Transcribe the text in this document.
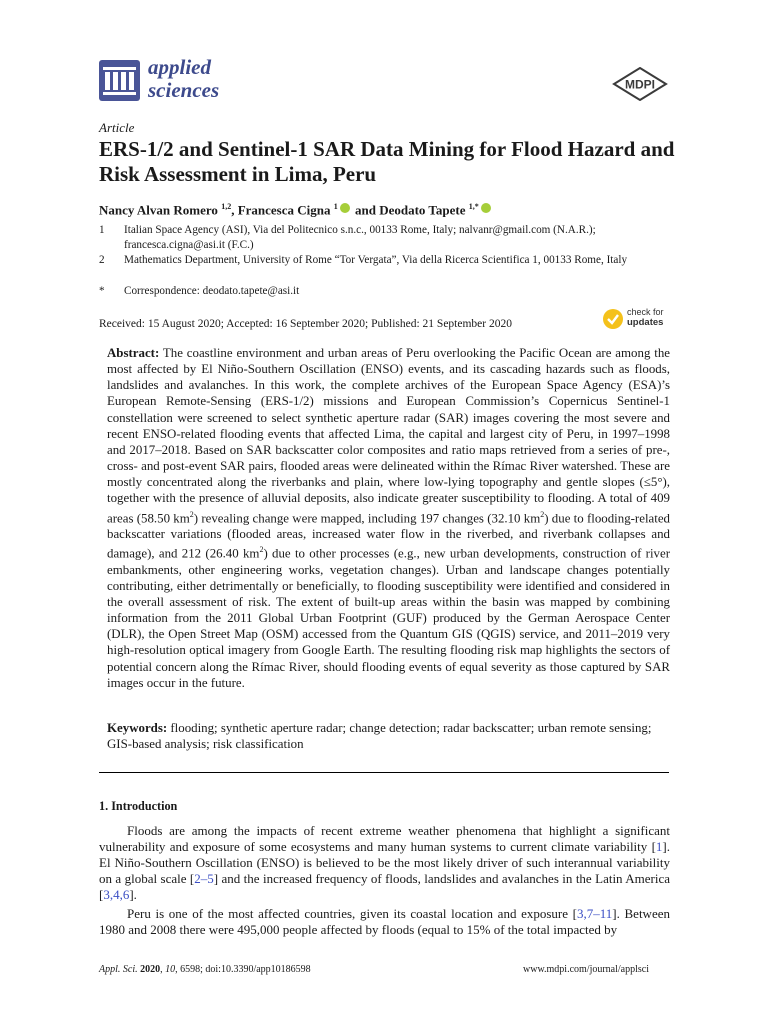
applied
sciences	MDPI
Article
ERS-1/2 and Sentinel-1 SAR Data Mining for Flood Hazard and Risk Assessment in Lima, Peru
Nancy Alvan Romero $^{1,2}$, Francesca Cigna $^1$ and Deodato Tapete $^{1,*}$
1	Italian Space Agency (ASI), Via del Politecnico s.n.c., 00133 Rome, Italy; nalvanr@gmail.com (N.A.R.); francesca.cigna@asi.it (F.C.)
2	Mathematics Department, University of Rome “Tor Vergata”, Via della Ricerca Scientifica 1, 00133 Rome, Italy
*	Correspondence: deodato.tapete@asi.it
Received: 15 August 2020; Accepted: 16 September 2020; Published: 21 September 2020
check for
updates
Abstract: The coastline environment and urban areas of Peru overlooking the Pacific Ocean are among the most affected by El Niño-Southern Oscillation (ENSO) events, and its cascading hazards such as floods, landslides and avalanches. In this work, the complete archives of the European Space Agency (ESA)’s European Remote-Sensing (ERS-1/2) missions and European Commission’s Copernicus Sentinel-1 constellation were screened to select synthetic aperture radar (SAR) images covering the most severe and recent ENSO-related flooding events that affected Lima, the capital and largest city of Peru, in 1997–1998 and 2017–2018. Based on SAR backscatter color composites and ratio maps retrieved from a series of pre-, cross- and post-event SAR pairs, flooded areas were delineated within the Rímac River watershed. These are mostly concentrated along the riverbanks and plain, where low-lying topography and gentle slopes (≤5°), together with the presence of alluvial deposits, also indicate greater susceptibility to flooding. A total of 409 areas (58.50 $km^2$) revealing change were mapped, including 197 changes (32.10 $km^2$) due to flooding-related backscatter variations (flooded areas, increased water flow in the riverbed, and riverbank collapses and damage), and 212 (26.40 $km^2$) due to other processes (e.g., new urban developments, construction of river embankments, other engineering works, vegetation changes). Urban and landscape changes potentially contributing, either detrimentally or beneficially, to flooding susceptibility were identified and considered in the overall assessment of risk. The extent of built-up areas within the basin was mapped by combining information from the 2011 Global Urban Footprint (GUF) produced by the German Aerospace Center (DLR), the Open Street Map (OSM) accessed from the Quantum GIS (QGIS) service, and 2011–2019 very high-resolution optical imagery from Google Earth. The resulting flooding risk map highlights the sectors of potential concern along the Rímac River, should flooding events of equal severity as those captured by SAR images occur in the future.
Keywords: flooding; synthetic aperture radar; change detection; radar backscatter; urban remote sensing; GIS-based analysis; risk classification
1. Introduction
Floods are among the impacts of recent extreme weather phenomena that highlight a significant vulnerability and exposure of some ecosystems and many human systems to current climate variability [1]. El Niño-Southern Oscillation (ENSO) is believed to be the most likely driver of such interannual variability on a global scale [2–5] and the increased frequency of floods, landslides and avalanches in the Latin America [3,4,6].
Peru is one of the most affected countries, given its coastal location and exposure [3,7–11]. Between 1980 and 2008 there were 495,000 people affected by floods (equal to 15% of the total impacted by
Appl. Sci. 2020, 10, 6598; doi:10.3390/app10186598	www.mdpi.com/journal/applsci
